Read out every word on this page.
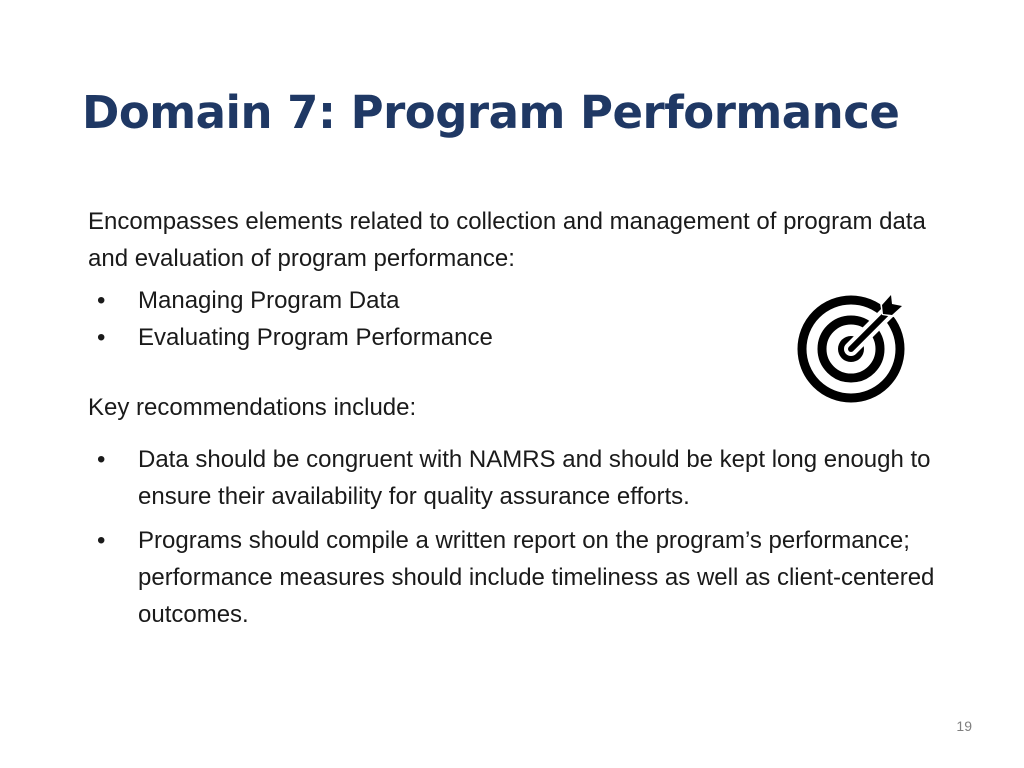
Domain 7: Program Performance

Encompasses elements related to collection and management of program data and evaluation of program performance:

• Managing Program Data
• Evaluating Program Performance

Key recommendations include:

• Data should be congruent with NAMRS and should be kept long enough to ensure their availability for quality assurance efforts.
• Programs should compile a written report on the program’s performance; performance measures should include timeliness as well as client-centered outcomes.
19
